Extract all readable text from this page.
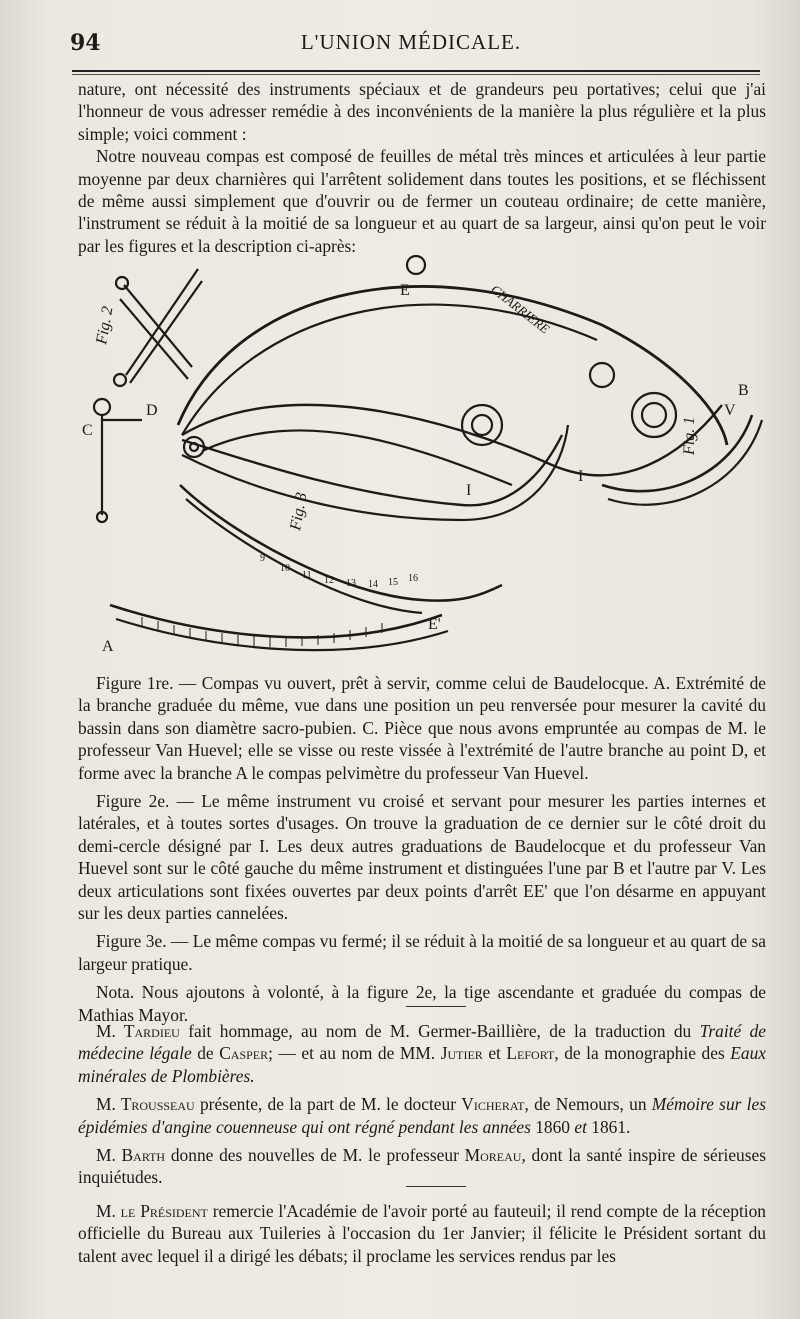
94	L'UNION MÉDICALE.

nature, ont nécessité des instruments spéciaux et de grandeurs peu portatives; celui que j'ai l'honneur de vous adresser remédie à des inconvénients de la manière la plus régulière et la plus simple; voici comment :

Notre nouveau compas est composé de feuilles de métal très minces et articulées à leur partie moyenne par deux charnières qui l'arrêtent solidement dans toutes les positions, et se fléchissent de même aussi simplement que d'ouvrir ou de fermer un couteau ordinaire; de cette manière, l'instrument se réduit à la moitié de sa longueur et au quart de sa largeur, ainsi qu'on peut le voir par les figures et la description ci-après:

Fig. 2
Fig. 1
Fig. 3
CHARRIERE
A
B
V
C
D
E
E'
I
I
9
10
11 12 13 14 15 16

Figure 1re. — Compas vu ouvert, prêt à servir, comme celui de Baudelocque. A. Extrémité de la branche graduée du même, vue dans une position un peu renversée pour mesurer la cavité du bassin dans son diamètre sacro-pubien. C. Pièce que nous avons empruntée au compas de M. le professeur Van Huevel; elle se visse ou reste vissée à l'extrémité de l'autre branche au point D, et forme avec la branche A le compas pelvimètre du professeur Van Huevel.

Figure 2e. — Le même instrument vu croisé et servant pour mesurer les parties internes et latérales, et à toutes sortes d'usages. On trouve la graduation de ce dernier sur le côté droit du demi-cercle désigné par I. Les deux autres graduations de Baudelocque et du professeur Van Huevel sont sur le côté gauche du même instrument et distinguées l'une par B et l'autre par V. Les deux articulations sont fixées ouvertes par deux points d'arrêt EE' que l'on désarme en appuyant sur les deux parties cannelées.

Figure 3e. — Le même compas vu fermé; il se réduit à la moitié de sa longueur et au quart de sa largeur pratique.

Nota. Nous ajoutons à volonté, à la figure 2e, la tige ascendante et graduée du compas de Mathias Mayor.

M. Tardieu fait hommage, au nom de M. Germer-Baillière, de la traduction du Traité de médecine légale de Casper; — et au nom de MM. Jutier et Lefort, de la monographie des Eaux minérales de Plombières.

M. Trousseau présente, de la part de M. le docteur Vicherat, de Nemours, un Mémoire sur les épidémies d'angine couenneuse qui ont régné pendant les années 1860 et 1861.

M. Barth donne des nouvelles de M. le professeur Moreau, dont la santé inspire de sérieuses inquiétudes.

M. le Président remercie l'Académie de l'avoir porté au fauteuil; il rend compte de la réception officielle du Bureau aux Tuileries à l'occasion du 1er Janvier; il félicite le Président sortant du talent avec lequel il a dirigé les débats; il proclame les services rendus par les
